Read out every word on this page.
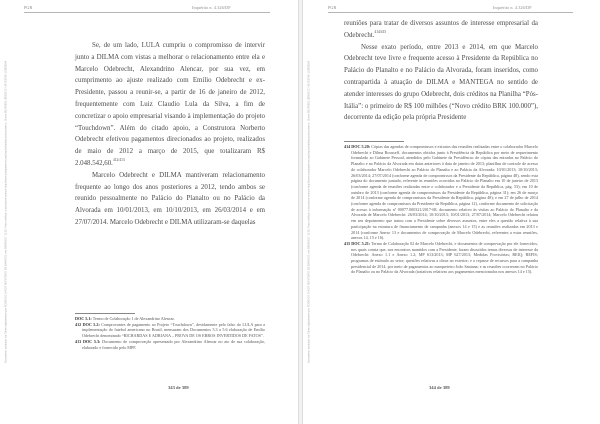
PGR	Inquérito n. 4.326/DF

Se, de um lado, LULA cumpriu o compromisso de intervir junto a DILMA com vistas a melhorar o relacionamento entre ela e Marcelo Odebrecht, Alexandrino Alencar, por sua vez, em cumprimento ao ajuste realizado com Emílio Odebrecht e ex-Presidente, passou a reunir-se, a partir de 16 de janeiro de 2012, frequentemente com Luiz Claudio Lula da Silva, a fim de concretizar o apoio empresarial visando à implementação do projeto “Touchdown”. Além do citado apoio, a Construtora Norberto Odebrecht efetivou pagamentos direcionados ao projeto, realizados de maio de 2012 a março de 2015, que totalizaram R$ 2.048.542,60.$^{412/413}$

Marcelo Odebrecht e DILMA mantiveram relacionamento frequente ao longo dos anos posteriores a 2012, tendo ambos se reunido pessoalmente no Palácio do Planalto ou no Palácio da Alvorada em 10/01/2013, em 10/10/2013, em 26/03/2014 e em 27/07/2014. Marcelo Odebrecht e DILMA utilizaram-se daquelas

DOC 5.1: Termo de Colaboração 1 de Alexandrino Alencar.

412 DOC 5.2: Comprovantes de pagamento ao Projeto “Touchdown”, devidamente pelo falso do LULA para a implementação do futebol americano no Brasil, mensuram dos Documentos 5.3 a 5.6 elaboração de Emílio Odebrecht denominado “RICHARDAS E ADRIANA – PROVA DE OS ERROS INVERTIDOS DE FATOS”.

413 DOC 5.3: Documento de comprovação apresentado por Alexandrino Alencar no ato de sua colaboração, elaborado e fornecido pelo MPF.

343 de 389
Documento assinado via Token digitalmente por RODRIGO JANOT MONTEIRO DE BARROS, em 08/09/2017 11:16. Para verificar a assinatura acesse http://www.transparencia.mpf.mp.br/validacaodocumento. Chave 6D2F8E01.3B9D5C17.4A7E2F90.1C8B3D64
PGR	Inquérito n. 4.326/DF

reuniões para tratar de diversos assuntos de interesse empresarial da Odebrecht.$^{414/415}$

Nesse exato período, entre 2013 e 2014, em que Marcelo Odebrecht teve livre e frequente acesso à Presidente da República no Palácio do Planalto e no Palácio da Alvorada, foram inseridos, como contrapartida à atuação de DILMA e MANTEGA no sentido de atender interesses do grupo Odebrecht, dois créditos na Planilha “Pós-Itália”: o primeiro de R$ 100 milhões (“Novo crédito BRK 100.000”), decorrente da edição pela própria Presidente

414 DOC 5.20: Cópias das agendas de compromissos e extratos das reuniões realizadas entre o colaborador Marcelo Odebrecht e Dilma Rousseff, documentos obtidos junto à Presidência da República por meio de requerimento formulado ao Gabinete Pessoal, atendidos pelo Gabinete da Presidência: de cópias das entradas no Palácio do Planalto e no Palácio da Alvorada em datas anteriores à data de janeiro de 2013; planilhas de controle de acesso do colaborador Marcelo Odebrecht ao Palácio do Planalto e ao Palácio da Alvorada: 10/01/2013; 10/10/2013; 26/03/2014; 27/07/2014 (conforme agenda de compromissos da Presidente da República, página 48), sendo esta página do documento juntado, referente às reuniões ocorridas no Palácio do Planalto em 10 de janeiro de 2013 (conforme agenda de reuniões realizadas entre o colaborador e a Presidente da República, pág. 53); em 10 de outubro de 2013 (conforme agenda de compromissos da Presidente da República, página 31); em 26 de março de 2014 (conforme agenda de compromissos da Presidente da República, página 48); e em 27 de julho de 2014 (conforme agenda de compromissos da Presidente da República, página 12), conforme documento de solicitação de acesso à informação nº 00077.000321/2017-68, documento relativo às visitas ao Palácio do Planalto e da Alvorada de Marcelo Odebrecht: 26/03/2014; 10/10/2013; 10/01/2013; 27/07/2014; Marcelo Odebrecht relatou em seu depoimento que tratou com a Presidente sobre diversos assuntos, entre eles a questão relativa à sua participação na estrutura de financiamento de campanha (anexos 14 e 15) e as reuniões realizadas em 2013 e 2014 (conforme Anexo 13 e documentos de comprovação de Marcelo Odebrecht, referentes a estas reuniões, anexos 14, 15 e 16).

415 DOC 5.21: Termo de Colaboração 02 de Marcelo Odebrecht, e documentos de comprovação por ele fornecidos, nos quais consta que, nos encontros mantidos com a Presidente, foram discutidos temas diversos de interesse da Odebrecht: Anexo 1.1 e Anexo 1.2; MP 613/2013; MP 627/2013; Medidas Provisórias; REIQ; REFIS; programas de estímulo ao setor; questões relativas a obras no exterior; e o repasse de recursos para a campanha presidencial de 2014, por meio de pagamentos ao marqueteiro João Santana; e as reuniões ocorreram no Palácio do Planalto ou no Palácio da Alvorada (tratativas relativas aos pagamentos mencionados nos anexos 14 e 15).

344 de 389
Documento assinado via Token digitalmente por RODRIGO JANOT MONTEIRO DE BARROS, em 08/09/2017 11:16. Para verificar a assinatura acesse http://www.transparencia.mpf.mp.br/validacaodocumento. Chave 6D2F8E01.3B9D5C17.4A7E2F90.1C8B3D64
